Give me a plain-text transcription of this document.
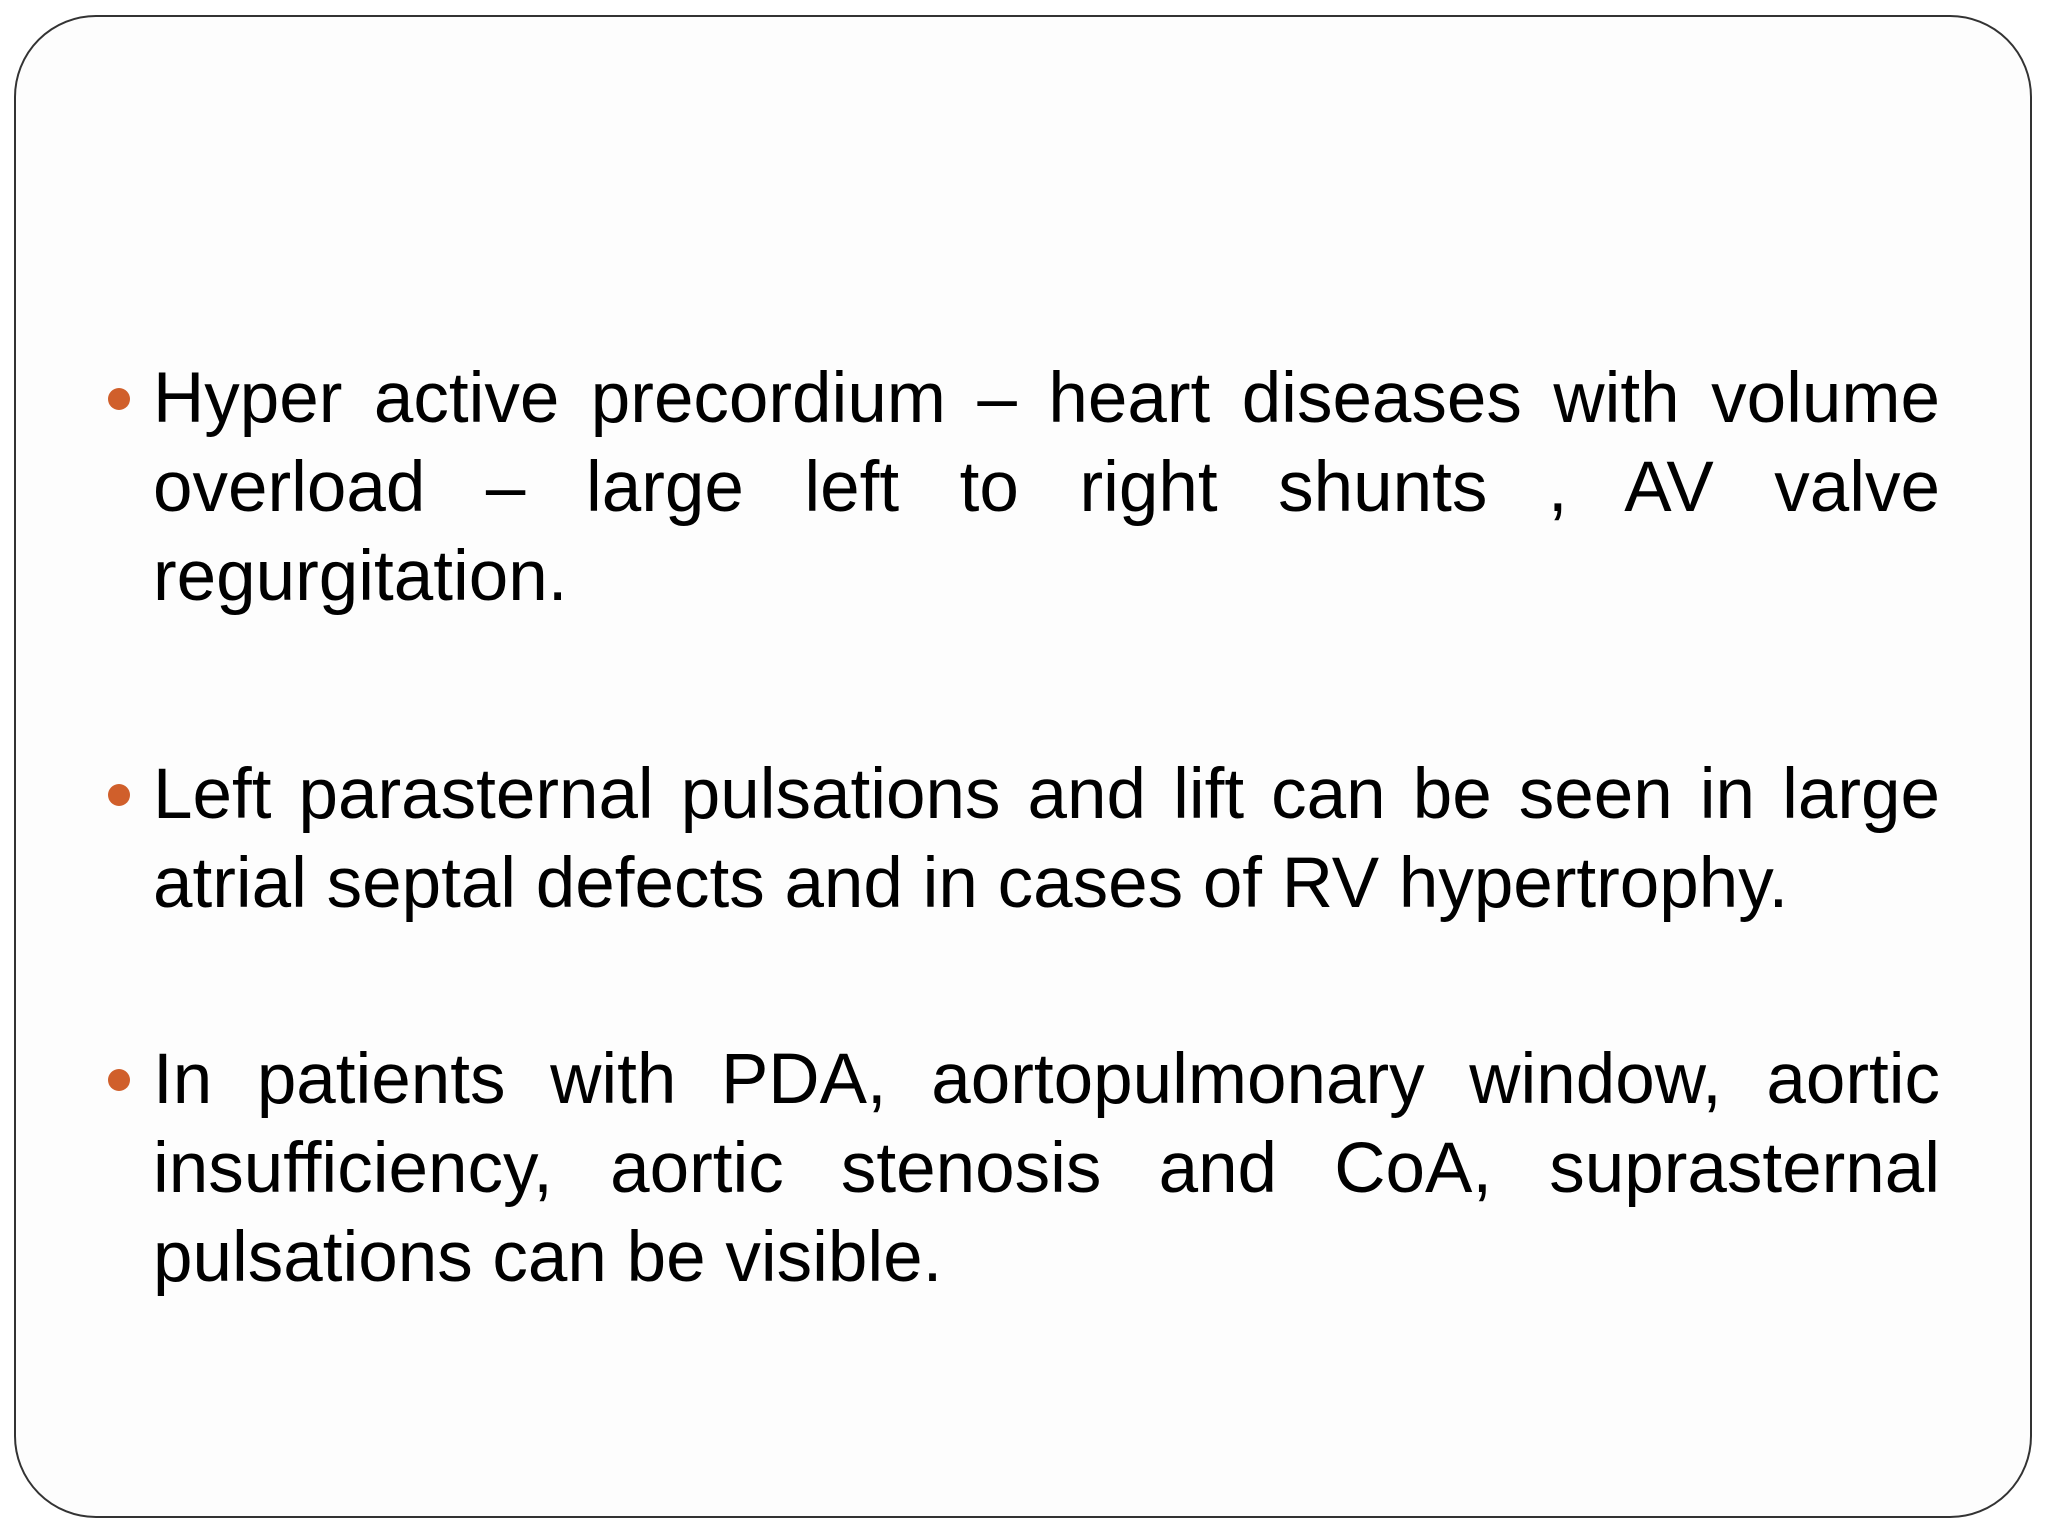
Hyper active precordium – heart diseases with volume overload – large left to right shunts , AV valve regurgitation.
Left parasternal pulsations and lift can be seen in large atrial septal defects and in cases of RV hypertrophy.
In patients with PDA, aortopulmonary window, aortic insufficiency, aortic stenosis and CoA, suprasternal pulsations can be visible.
